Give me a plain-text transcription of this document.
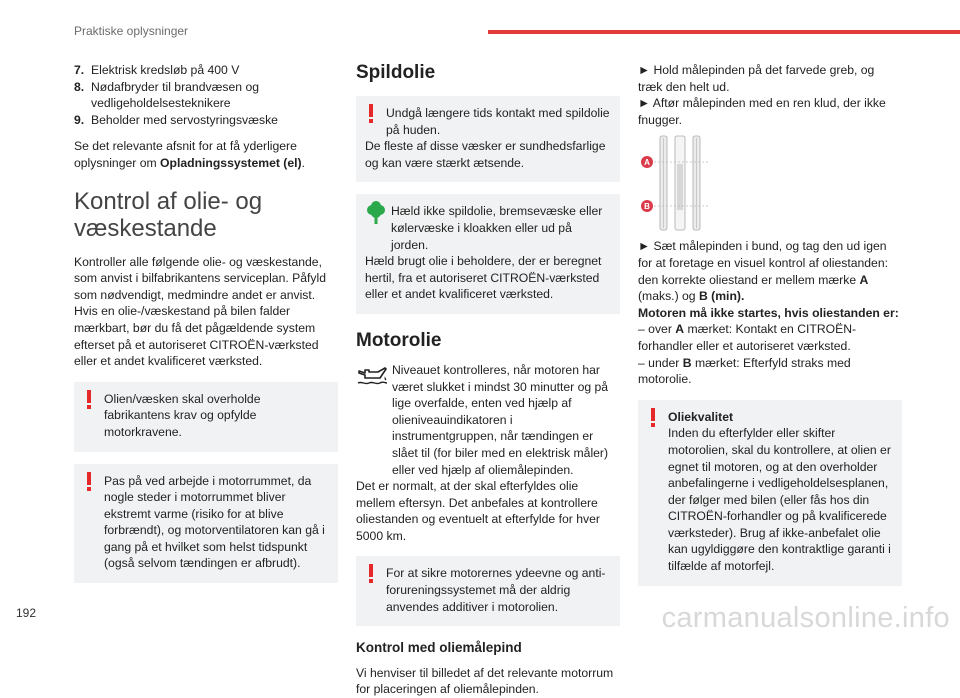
Praktiske oplysninger
7. Elektrisk kredsløb på 400 V
8. Nødafbryder til brandvæsen og vedligeholdelsesteknikere
9. Beholder med servostyringsvæske

Se det relevante afsnit for at få yderligere oplysninger om Opladningssystemet (el).

Kontrol af olie- og væskestande

Kontroller alle følgende olie- og væskestande, som anvist i bilfabrikantens serviceplan. Påfyld som nødvendigt, medmindre andet er anvist. Hvis en olie-/væskestand på bilen falder mærkbart, bør du få det pågældende system efterset på et autoriseret CITROËN-værksted eller et andet kvalificeret værksted.

Olien/væsken skal overholde fabrikantens krav og opfylde motorkravene.

Pas på ved arbejde i motorrummet, da nogle steder i motorrummet bliver ekstremt varme (risiko for at blive forbrændt), og motorventilatoren kan gå i gang på et hvilket som helst tidspunkt (også selvom tændingen er afbrudt).

Spildolie

Undgå længere tids kontakt med spildolie på huden.

De fleste af disse væsker er sundhedsfarlige og kan være stærkt ætsende.

Hæld ikke spildolie, bremsevæske eller kølervæske i kloakken eller ud på jorden.

Hæld brugt olie i beholdere, der er beregnet hertil, fra et autoriseret CITROËN-værksted eller et andet kvalificeret værksted.

Motorolie

Niveauet kontrolleres, når motoren har været slukket i mindst 30 minutter og på lige overfalde, enten ved hjælp af olieniveauindikatoren i instrumentgruppen, når tændingen er slået til (for biler med en elektrisk måler) eller ved hjælp af oliemålepinden.

Det er normalt, at der skal efterfyldes olie mellem eftersyn. Det anbefales at kontrollere oliestanden og eventuelt at efterfylde for hver 5000 km.

For at sikre motorernes ydeevne og anti-forureningssystemet må der aldrig anvendes additiver i motorolien.

Kontrol med oliemålepind

Vi henviser til billedet af det relevante motorrum for placeringen af oliemålepinden.

► Hold målepinden på det farvede greb, og træk den helt ud.

► Aftør målepinden med en ren klud, der ikke fnugger.

A
B

► Sæt målepinden i bund, og tag den ud igen for at foretage en visuel kontrol af oliestanden: den korrekte oliestand er mellem mærke A (maks.) og B (min).

Motoren må ikke startes, hvis oliestanden er:

– over A mærket: Kontakt en CITROËN-forhandler eller et autoriseret værksted.

– under B mærket: Efterfyld straks med motorolie.

Oliekvalitet

Inden du efterfylder eller skifter motorolien, skal du kontrollere, at olien er egnet til motoren, og at den overholder anbefalingerne i vedligeholdelsesplanen, der følger med bilen (eller fås hos din CITROËN-forhandler og på kvalificerede værksteder). Brug af ikke-anbefalet olie kan ugyldiggøre den kontraktlige garanti i tilfælde af motorfejl.

192	carmanualsonline.info
